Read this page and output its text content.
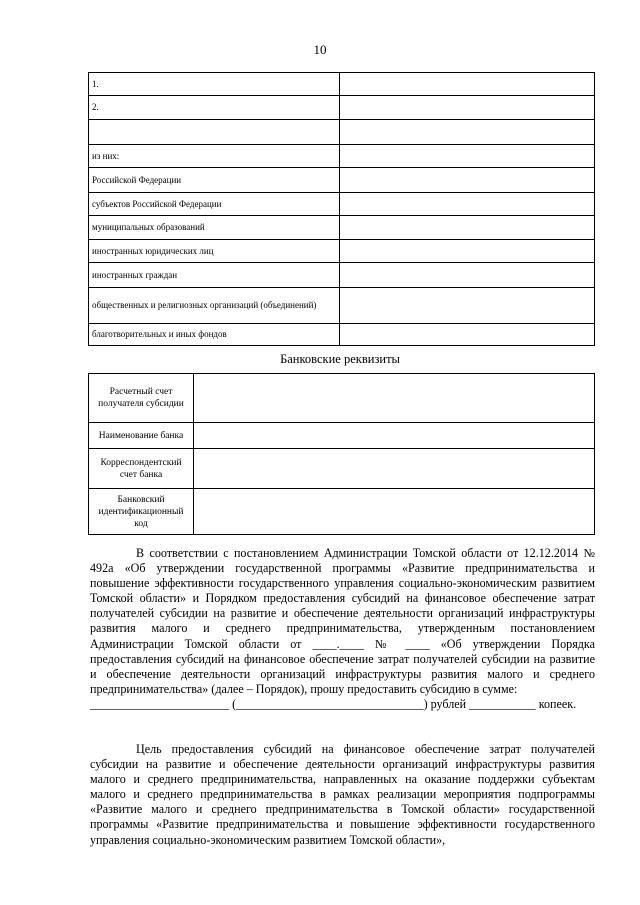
10
1.	
2.	

из них:	
Российской Федерации	
субъектов Российской Федерации	
муниципальных образований	
иностранных юридических лиц	
иностранных граждан	
общественных и религиозных организаций (объединений)	
благотворительных и иных фондов	
Банковские реквизиты
Расчетный счет получателя субсидии	
Наименование банка	
Корреспондентский счет банка	
Банковский идентификационный код	

В соответствии с постановлением Администрации Томской области от 12.12.2014 № 492а «Об утверждении государственной программы «Развитие предпринимательства и повышение эффективности государственного управления социально-экономическим развитием Томской области» и Порядком предоставления субсидий на финансовое обеспечение затрат получателей субсидии на развитие и обеспечение деятельности организаций инфраструктуры развития малого и среднего предпринимательства, утвержденным постановлением Администрации Томской области от ____.____ № ____ «Об утверждении Порядка предоставления субсидий на финансовое обеспечение затрат получателей субсидии на развитие и обеспечение деятельности организаций инфраструктуры развития малого и среднего предпринимательства» (далее – Порядок), прошу предоставить субсидию в сумме:
_______________________ (_______________________________) рублей ___________ копеек.

Цель предоставления субсидий на финансовое обеспечение затрат получателей субсидии на развитие и обеспечение деятельности организаций инфраструктуры развития малого и среднего предпринимательства, направленных на оказание поддержки субъектам малого и среднего предпринимательства в рамках реализации мероприятия подпрограммы «Развитие малого и среднего предпринимательства в Томской области» государственной программы «Развитие предпринимательства и повышение эффективности государственного управления социально-экономическим развитием Томской области»,
